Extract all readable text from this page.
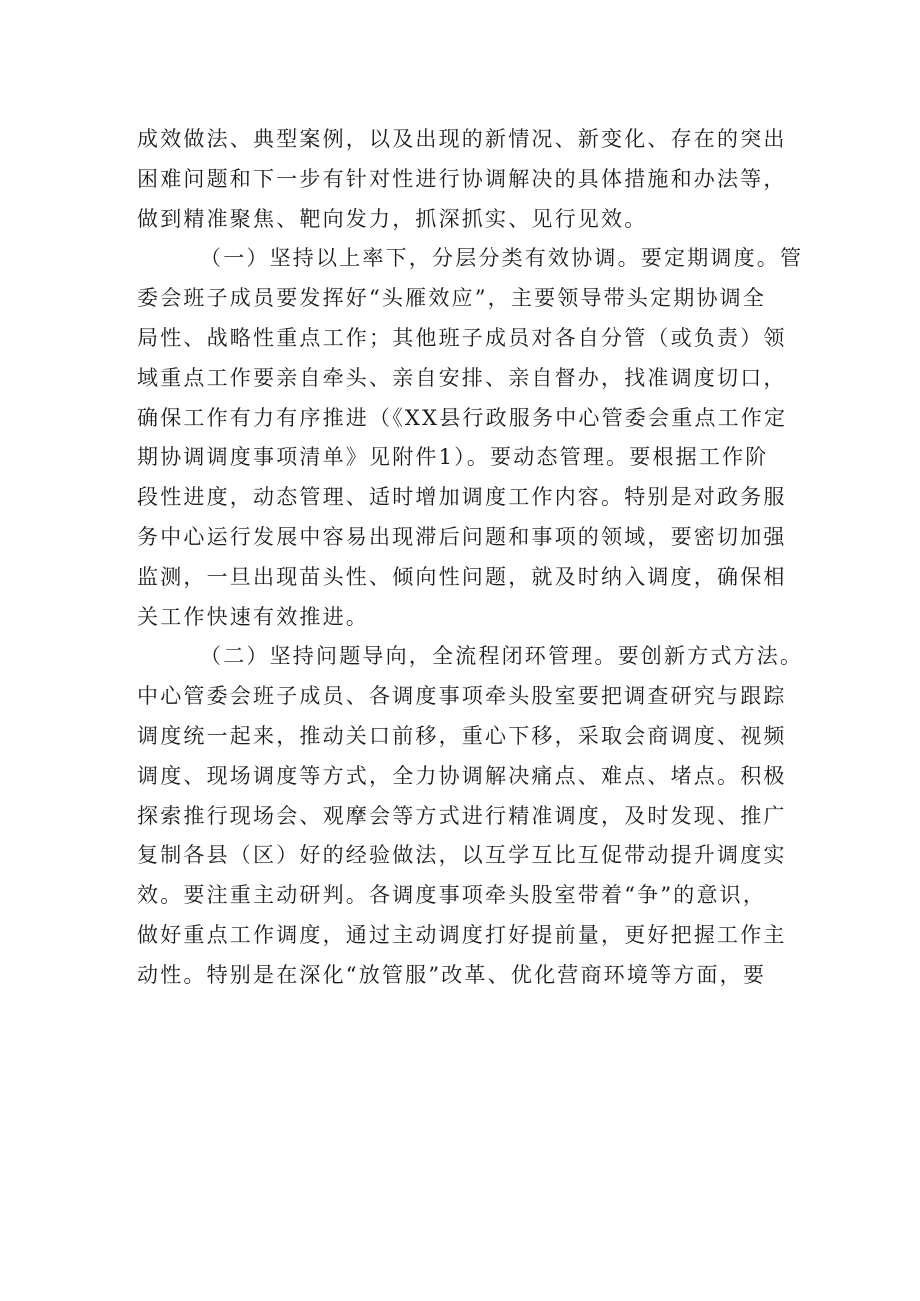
成效做法、典型案例，以及出现的新情况、新变化、存在的突出
困难问题和下一步有针对性进行协调解决的具体措施和办法等，
做到精准聚焦、靶向发力，抓深抓实、见行见效。
（一）坚持以上率下，分层分类有效协调。要定期调度。管
委会班子成员要发挥好“头雁效应”，主要领导带头定期协调全
局性、战略性重点工作；其他班子成员对各自分管（或负责）领
域重点工作要亲自牵头、亲自安排、亲自督办，找准调度切口，
确保工作有力有序推进（《XX县行政服务中心管委会重点工作定
期协调调度事项清单》见附件1）。要动态管理。要根据工作阶
段性进度，动态管理、适时增加调度工作内容。特别是对政务服
务中心运行发展中容易出现滞后问题和事项的领域，要密切加强
监测，一旦出现苗头性、倾向性问题，就及时纳入调度，确保相
关工作快速有效推进。
（二）坚持问题导向，全流程闭环管理。要创新方式方法。
中心管委会班子成员、各调度事项牵头股室要把调查研究与跟踪
调度统一起来，推动关口前移，重心下移，采取会商调度、视频
调度、现场调度等方式，全力协调解决痛点、难点、堵点。积极
探索推行现场会、观摩会等方式进行精准调度，及时发现、推广
复制各县（区）好的经验做法，以互学互比互促带动提升调度实
效。要注重主动研判。各调度事项牵头股室带着“争”的意识，
做好重点工作调度，通过主动调度打好提前量，更好把握工作主
动性。特别是在深化“放管服”改革、优化营商环境等方面，要
